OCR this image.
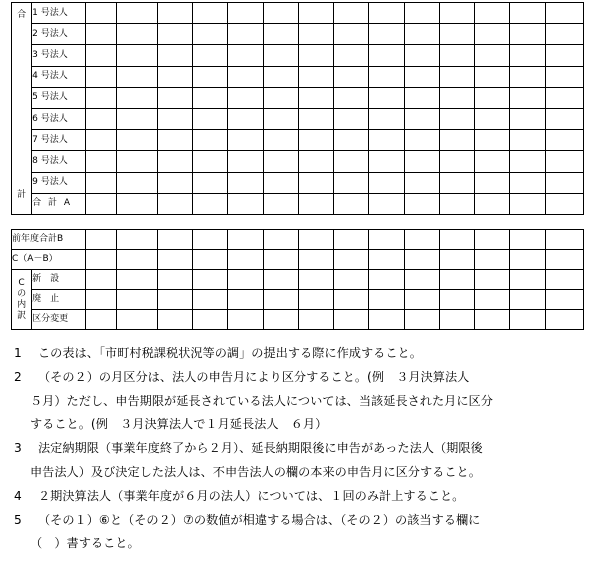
合
計	1 号法人														
	2 号法人														
	3 号法人														
	4 号法人														
	5 号法人														
	6 号法人														
	7 号法人														
	8 号法人														
	9 号法人														
	合 計 A														
前年度合計B															
C（A－B）															

C
の
内
訳	新　設														
	廃　止														
	区分変更														
1 この表は、「市町村税課税状況等の調」の提出する際に作成すること。
2 （その２）の月区分は、法人の申告月により区分すること。(例　３月決算法人
５月）ただし、申告期限が延長されている法人については、当該延長された月に区分
すること。(例　３月決算法人で１月延長法人　６月）
3 法定納期限（事業年度終了から２月）、延長納期限後に申告があった法人（期限後
申告法人）及び決定した法人は、不申告法人の欄の本来の申告月に区分すること。
4 ２期決算法人（事業年度が６月の法人）については、１回のみ計上すること。
5 （その１）⑥と（その２）⑦の数値が相違する場合は、（その２）の該当する欄に
（　）書すること。
